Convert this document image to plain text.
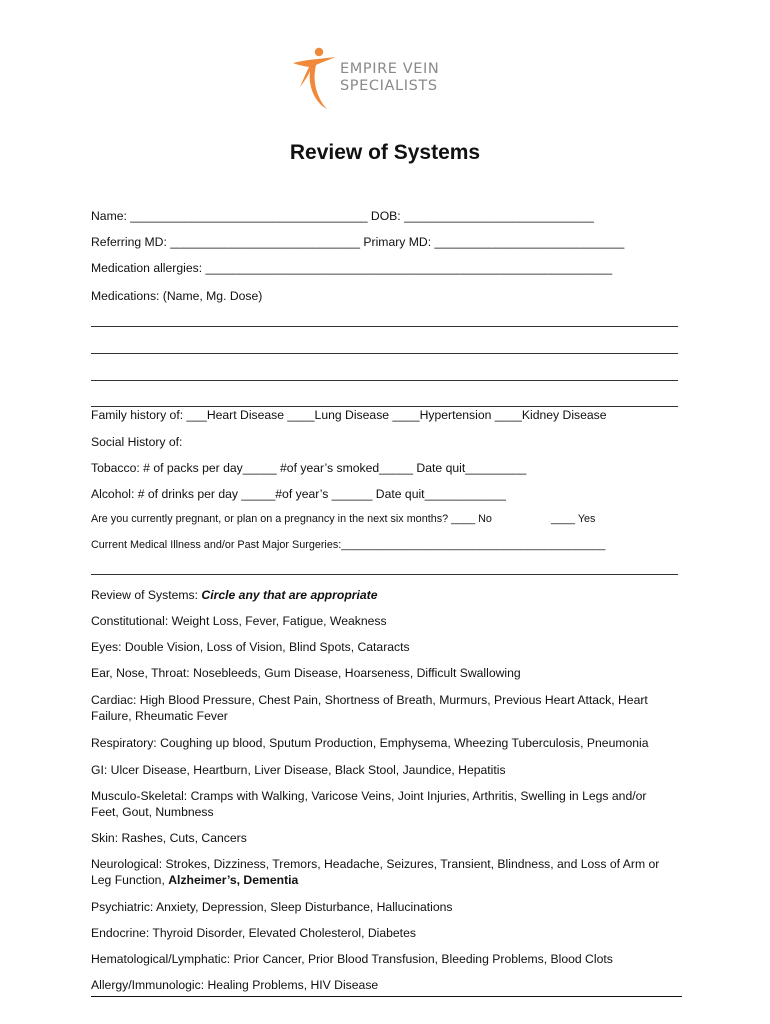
EMPIRE VEIN
SPECIALISTS
Review of Systems
Name: ___________________________________ DOB: ____________________________
Referring MD: ____________________________ Primary MD: ____________________________
Medication allergies: ____________________________________________________________
Medications: (Name, Mg. Dose)
Family history of: ___Heart Disease ____Lung Disease ____Hypertension ____Kidney Disease
Social History of:
Tobacco: # of packs per day_____ #of year’s smoked_____ Date quit_________
Alcohol: # of drinks per day _____#of year’s ______ Date quit____________
Are you currently pregnant, or plan on a pregnancy in the next six months? ____ No	____ Yes
Current Medical Illness and/or Past Major Surgeries:____________________________________________
Review of Systems: Circle any that are appropriate
Constitutional: Weight Loss, Fever, Fatigue, Weakness
Eyes: Double Vision, Loss of Vision, Blind Spots, Cataracts
Ear, Nose, Throat: Nosebleeds, Gum Disease, Hoarseness, Difficult Swallowing
Cardiac: High Blood Pressure, Chest Pain, Shortness of Breath, Murmurs, Previous Heart Attack, Heart
Failure, Rheumatic Fever
Respiratory: Coughing up blood, Sputum Production, Emphysema, Wheezing Tuberculosis, Pneumonia
GI: Ulcer Disease, Heartburn, Liver Disease, Black Stool, Jaundice, Hepatitis
Musculo-Skeletal: Cramps with Walking, Varicose Veins, Joint Injuries, Arthritis, Swelling in Legs and/or
Feet, Gout, Numbness
Skin: Rashes, Cuts, Cancers
Neurological: Strokes, Dizziness, Tremors, Headache, Seizures, Transient, Blindness, and Loss of Arm or
Leg Function, Alzheimer’s, Dementia
Psychiatric: Anxiety, Depression, Sleep Disturbance, Hallucinations
Endocrine: Thyroid Disorder, Elevated Cholesterol, Diabetes
Hematological/Lymphatic: Prior Cancer, Prior Blood Transfusion, Bleeding Problems, Blood Clots
Allergy/Immunologic: Healing Problems, HIV Disease
